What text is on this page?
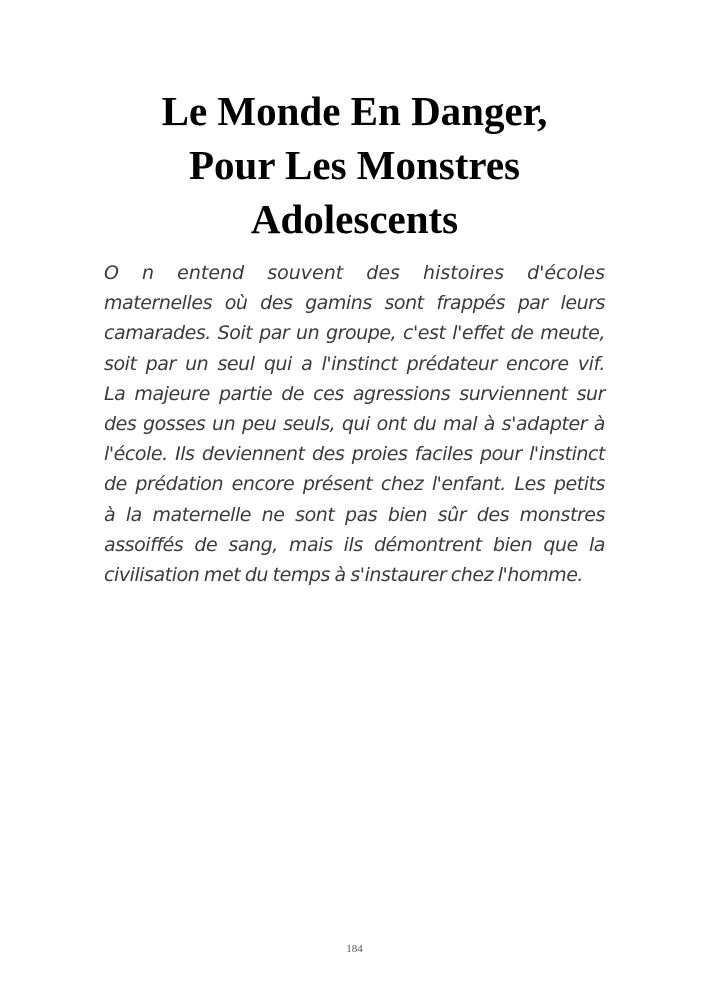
Le Monde En Danger,
Pour Les Monstres
Adolescents

O n entend souvent des histoires d'écoles
maternelles où des gamins sont frappés par leurs
camarades. Soit par un groupe, c'est l'effet de meute,
soit par un seul qui a l'instinct prédateur encore vif.
La majeure partie de ces agressions surviennent sur
des gosses un peu seuls, qui ont du mal à s'adapter à
l'école. Ils deviennent des proies faciles pour l'instinct
de prédation encore présent chez l'enfant. Les petits
à la maternelle ne sont pas bien sûr des monstres
assoiffés de sang, mais ils démontrent bien que la
civilisation met du temps à s'instaurer chez l'homme.

184
